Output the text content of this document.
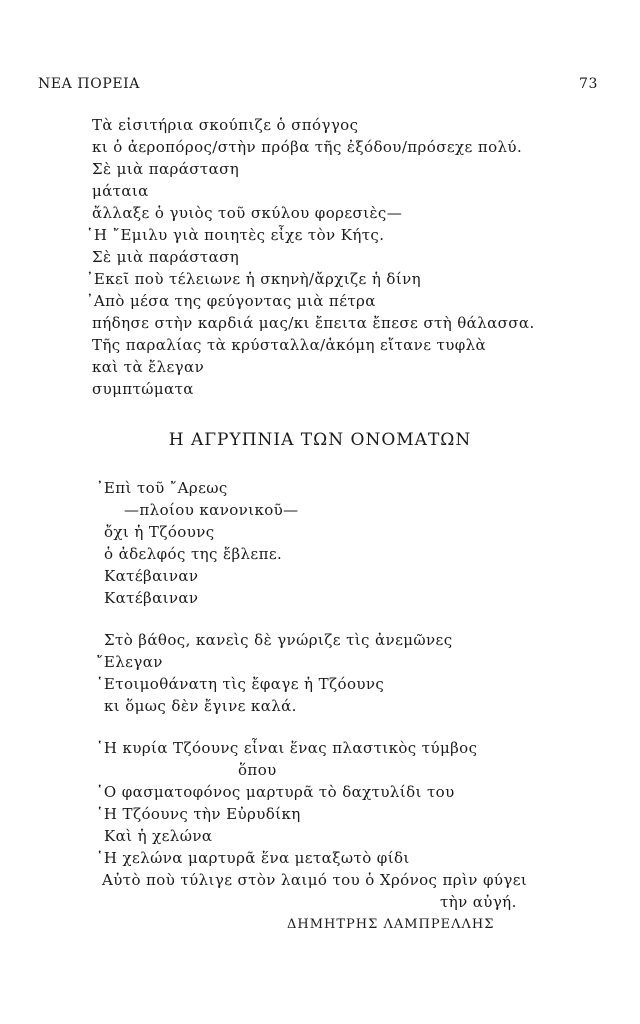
ΝΕΑ ΠΟΡΕΙΑ	73
Τὰ εἰσιτήρια σκούπιζε ὁ σπόγγος
κι ὁ ἀεροπόρος/στὴν πρόβα τῆς ἐξόδου/πρόσεχε πολύ.
Σὲ μιὰ παράσταση
μάταια
ἄλλαξε ὁ γυιὸς τοῦ σκύλου φορεσιὲς—
῾Η ῎Εμιλυ γιὰ ποιητὲς εἶχε τὸν Κήτς.
Σὲ μιὰ παράσταση
᾽Εκεῖ ποὺ τέλειωνε ἡ σκηνὴ/ἄρχιζε ἡ δίνη
᾽Απὸ μέσα της φεύγοντας μιὰ πέτρα
πήδησε στὴν καρδιά μας/κι ἔπειτα ἔπεσε στὴ θάλασσα.
Τῆς παραλίας τὰ κρύσταλλα/ἀκόμη εἴτανε τυφλὰ
καὶ τὰ ἔλεγαν
συμπτώματα
Η ΑΓΡΥΠΝΙΑ ΤΩΝ ΟΝΟΜΑΤΩΝ
᾽Επὶ τοῦ ῎Αρεως
—πλοίου κανονικοῦ—
ὄχι ἡ Τζόουνς
ὁ ἀδελφός της ἔβλεπε.
Κατέβαιναν
Κατέβαιναν
Στὸ βάθος, κανεὶς δὲ γνώριζε τὶς ἀνεμῶνες
῎Ελεγαν
῾Ετοιμοθάνατη τὶς ἔφαγε ἡ Τζόουνς
κι ὅμως δὲν ἔγινε καλά.
῾Η κυρία Τζόουνς εἶναι ἕνας πλαστικὸς τύμβος
ὅπου
῾Ο φασματοφόνος μαρτυρᾶ τὸ δαχτυλίδι του
῾Η Τζόουνς τὴν Εὐρυδίκη
Καὶ ἡ χελώνα
῾Η χελώνα μαρτυρᾶ ἕνα μεταξωτὸ φίδι
Αὐτὸ ποὺ τύλιγε στὸν λαιμό του ὁ Χρόνος πρὶν φύγει
τὴν αὐγή.
ΔΗΜΗΤΡΗΣ ΛΑΜΠΡΕΛΛΗΣ
